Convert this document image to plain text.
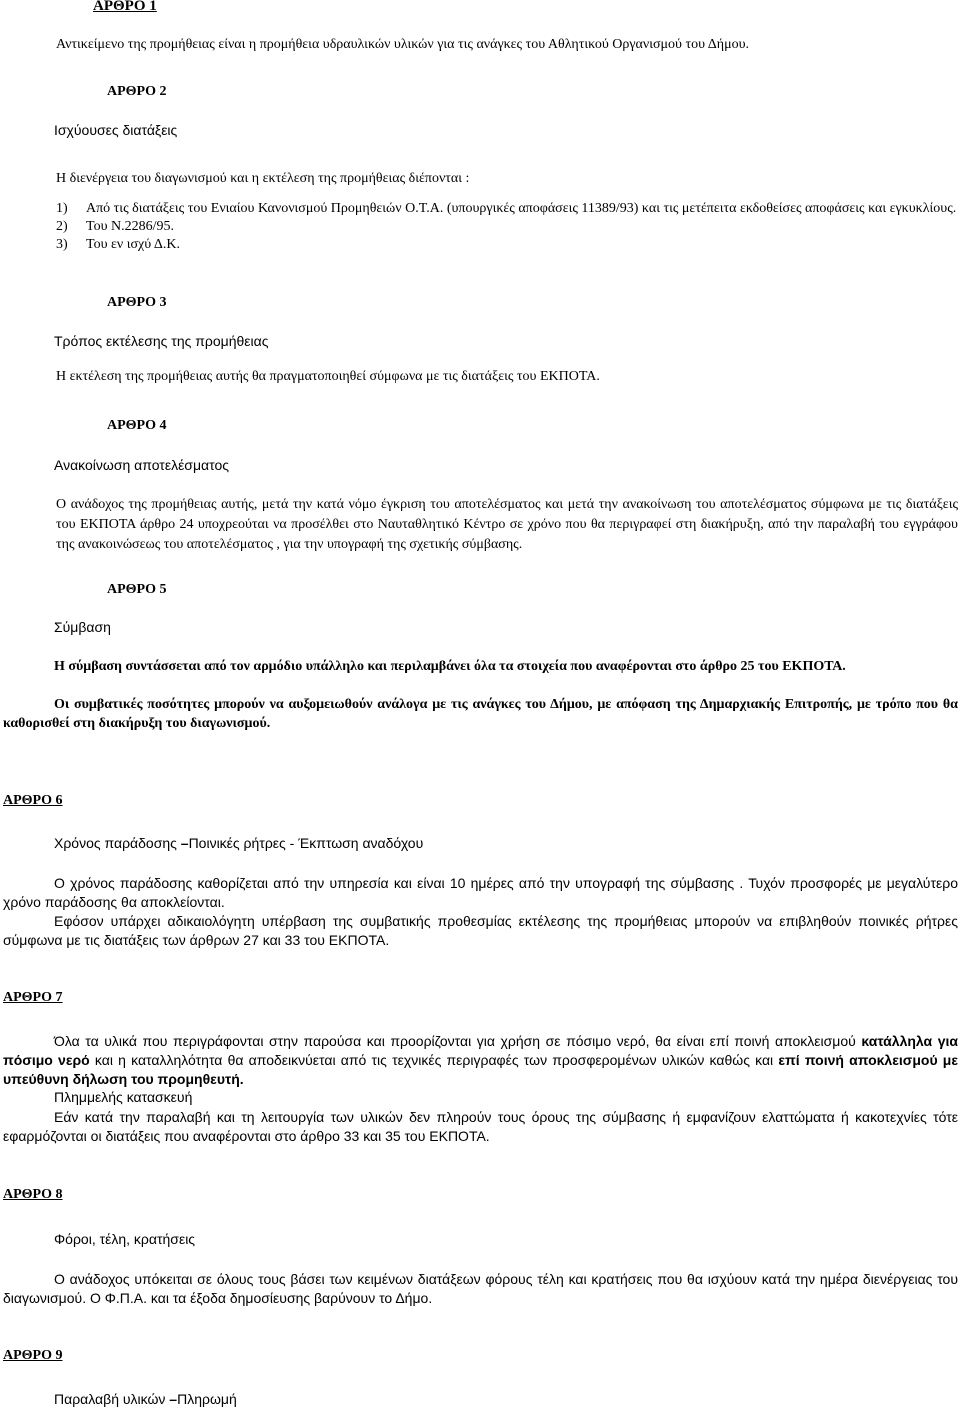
ΑΡΘΡΟ 1
Αντικείμενο της προμήθειας είναι η προμήθεια υδραυλικών υλικών για τις ανάγκες του Αθλητικού Οργανισμού του Δήμου.
ΑΡΘΡΟ 2
Ισχύουσες διατάξεις
Η διενέργεια του διαγωνισμού και η εκτέλεση της προμήθειας διέπονται :
1)	Από τις διατάξεις του Ενιαίου Κανονισμού Προμηθειών Ο.Τ.Α. (υπουργικές αποφάσεις 11389/93) και τις μετέπειτα εκδοθείσες αποφάσεις και εγκυκλίους.
2)	Του Ν.2286/95.
3)	Του εν ισχύ Δ.Κ.
ΑΡΘΡΟ 3
Τρόπος εκτέλεσης της προμήθειας
Η εκτέλεση της προμήθειας αυτής θα πραγματοποιηθεί σύμφωνα με τις διατάξεις του ΕΚΠΟΤΑ.
ΑΡΘΡΟ 4
Ανακοίνωση αποτελέσματος
Ο ανάδοχος της προμήθειας αυτής, μετά την κατά νόμο έγκριση του αποτελέσματος και μετά την ανακοίνωση του αποτελέσματος σύμφωνα με τις διατάξεις του ΕΚΠΟΤΑ άρθρο 24 υποχρεούται να προσέλθει στο Ναυταθλητικό Κέντρο σε χρόνο που θα περιγραφεί στη διακήρυξη, από την παραλαβή του εγγράφου της ανακοινώσεως του αποτελέσματος , για την υπογραφή της σχετικής σύμβασης.
ΑΡΘΡΟ 5
Σύμβαση
Η σύμβαση συντάσσεται από τον αρμόδιο υπάλληλο και περιλαμβάνει όλα τα στοιχεία που αναφέρονται στο άρθρο 25 του ΕΚΠΟΤΑ.
Οι συμβατικές ποσότητες μπορούν να αυξομειωθούν ανάλογα με τις ανάγκες του Δήμου, με απόφαση της Δημαρχιακής Επιτροπής, με τρόπο που θα καθορισθεί στη διακήρυξη του διαγωνισμού.
ΑΡΘΡΟ 6
Χρόνος παράδοσης –Ποινικές ρήτρες - Έκπτωση αναδόχου
Ο χρόνος παράδοσης καθορίζεται από την υπηρεσία και είναι 10 ημέρες από την υπογραφή της σύμβασης . Τυχόν προσφορές με μεγαλύτερο χρόνο παράδοσης θα αποκλείονται.
Εφόσον υπάρχει αδικαιολόγητη υπέρβαση της συμβατικής προθεσμίας εκτέλεσης της προμήθειας μπορούν να επιβληθούν ποινικές ρήτρες σύμφωνα με τις διατάξεις των άρθρων 27 και 33 του ΕΚΠΟΤΑ.
ΑΡΘΡΟ 7
Όλα τα υλικά που περιγράφονται στην παρούσα και προορίζονται για χρήση σε πόσιμο νερό, θα είναι επί ποινή αποκλεισμού κατάλληλα για πόσιμο νερό και η καταλληλότητα θα αποδεικνύεται από τις τεχνικές περιγραφές των προσφερομένων υλικών καθώς και επί ποινή αποκλεισμού με υπεύθυνη δήλωση του προμηθευτή.
Πλημμελής κατασκευή
Εάν κατά την παραλαβή και τη λειτουργία των υλικών δεν πληρούν τους όρους της σύμβασης ή εμφανίζουν ελαττώματα ή κακοτεχνίες τότε εφαρμόζονται οι διατάξεις που αναφέρονται στο άρθρο 33 και 35 του ΕΚΠΟΤΑ.
ΑΡΘΡΟ 8
Φόροι, τέλη, κρατήσεις
Ο ανάδοχος υπόκειται σε όλους τους βάσει των κειμένων διατάξεων φόρους τέλη και κρατήσεις που θα ισχύουν κατά την ημέρα διενέργειας του διαγωνισμού. Ο Φ.Π.Α. και τα έξοδα δημοσίευσης βαρύνουν το Δήμο.
ΑΡΘΡΟ 9
Παραλαβή υλικών –Πληρωμή
